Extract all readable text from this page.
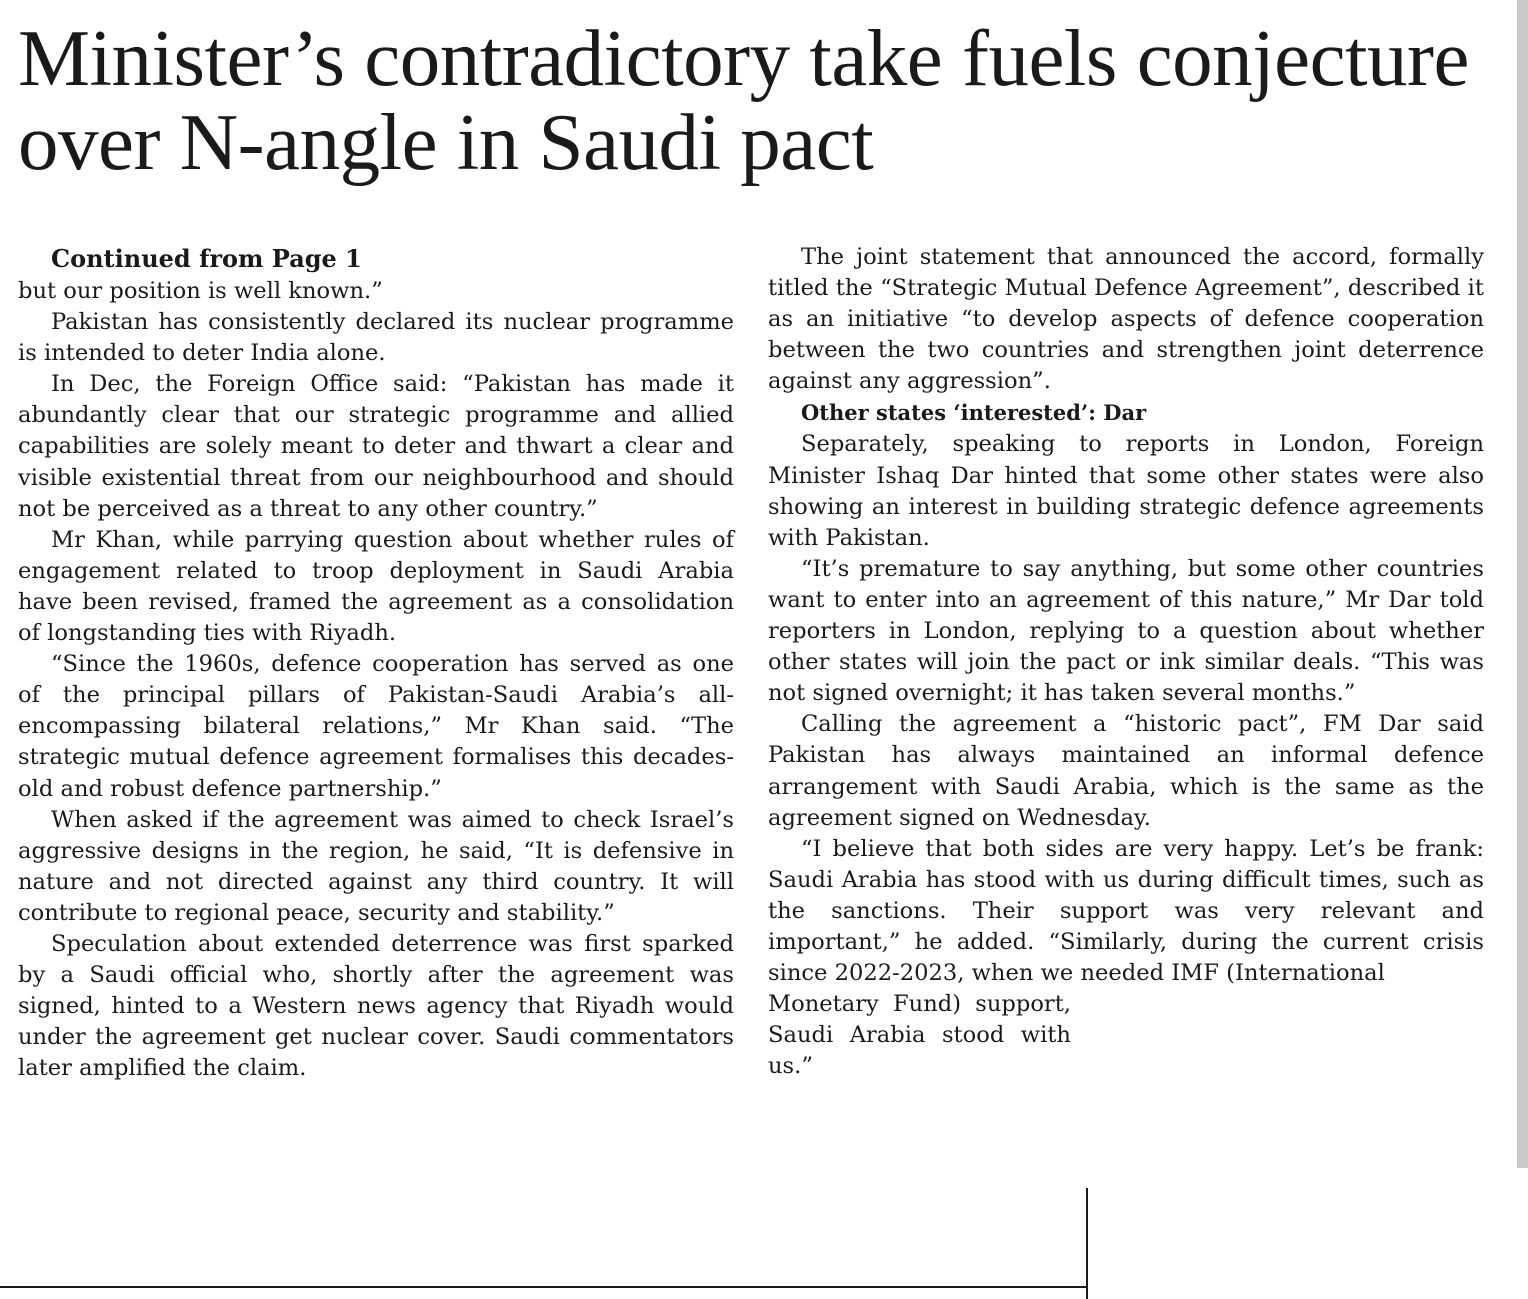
Minister’s contradictory take fuels conjecture over N-angle in Saudi pact

Continued from Page 1

but our position is well known.”

Pakistan has consistently declared its nuclear programme is intended to deter India alone.

In Dec, the Foreign Office said: “Pakistan has made it abundantly clear that our strategic programme and allied capabilities are solely meant to deter and thwart a clear and visible existential threat from our neighbourhood and should not be perceived as a threat to any other country.”

Mr Khan, while parrying question about whether rules of engagement related to troop deployment in Saudi Arabia have been revised, framed the agreement as a consolidation of longstanding ties with Riyadh.

“Since the 1960s, defence cooperation has served as one of the principal pillars of Pakistan-Saudi Arabia’s all-encompassing bilateral relations,” Mr Khan said. “The strategic mutual defence agreement formalises this decades-old and robust defence partnership.”

When asked if the agreement was aimed to check Israel’s aggressive designs in the region, he said, “It is defensive in nature and not directed against any third country. It will contribute to regional peace, security and stability.”

Speculation about extended deterrence was first sparked by a Saudi official who, shortly after the agreement was signed, hinted to a Western news agency that Riyadh would under the agreement get nuclear cover. Saudi commentators later amplified the claim.

The joint statement that announced the accord, formally titled the “Strategic Mutual Defence Agreement”, described it as an initiative “to develop aspects of defence cooperation between the two countries and strengthen joint deterrence against any aggression”.

Other states ‘interested’: Dar

Separately, speaking to reports in London, Foreign Minister Ishaq Dar hinted that some other states were also showing an interest in building strategic defence agreements with Pakistan.

“It’s premature to say anything, but some other countries want to enter into an agreement of this nature,” Mr Dar told reporters in London, replying to a question about whether other states will join the pact or ink similar deals. “This was not signed overnight; it has taken several months.”

Calling the agreement a “historic pact”, FM Dar said Pakistan has always maintained an informal defence arrangement with Saudi Arabia, which is the same as the agreement signed on Wednesday.

“I believe that both sides are very happy. Let’s be frank: Saudi Arabia has stood with us during difficult times, such as the sanctions. Their support was very relevant and important,” he added. “Similarly, during the current crisis since 2022-2023, when we needed IMF (International

Monetary Fund) support, Saudi Arabia stood with us.”
